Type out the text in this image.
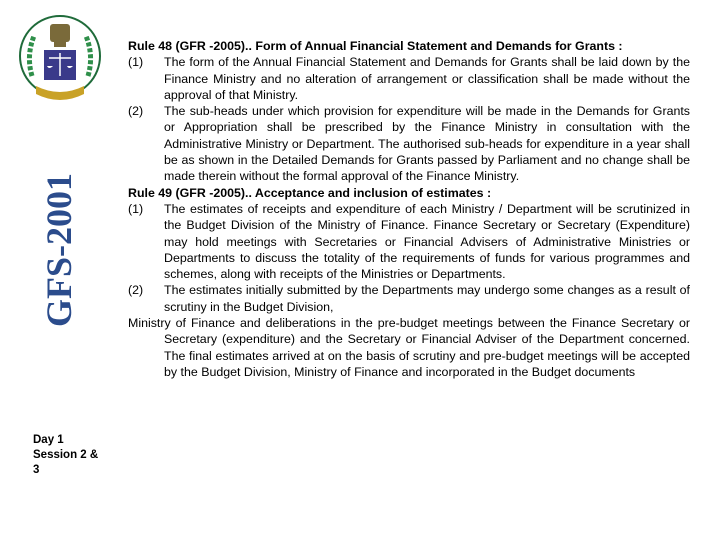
GFS-2001
Day 1
Session 2 &
3
Rule 48 (GFR -2005).. Form of Annual Financial Statement and Demands for Grants :
(1)	The form of the Annual Financial Statement and Demands for Grants shall be laid down by the Finance Ministry and no alteration of arrangement or classification shall be made without the approval of that Ministry.
(2)	The sub-heads under which provision for expenditure will be made in the Demands for Grants or Appropriation shall be prescribed by the Finance Ministry in consultation with the Administrative Ministry or Department. The authorised sub-heads for expenditure in a year shall be as shown in the Detailed Demands for Grants passed by Parliament and no change shall be made therein without the formal approval of the Finance Ministry.
Rule 49 (GFR -2005).. Acceptance and inclusion of estimates :
(1)	The estimates of receipts and expenditure of each Ministry / Department will be scrutinized in the Budget Division of the Ministry of Finance. Finance Secretary or Secretary (Expenditure) may hold meetings with Secretaries or Financial Advisers of Administrative Ministries or Departments to discuss the totality of the requirements of funds for various programmes and schemes, along with receipts of the Ministries or Departments.
(2)	The estimates initially submitted by the Departments may undergo some changes as a result of scrutiny in the Budget Division,
Ministry of Finance and deliberations in the pre-budget meetings between the Finance Secretary or Secretary (expenditure) and the Secretary or Financial Adviser of the Department concerned. The final estimates arrived at on the basis of scrutiny and pre-budget meetings will be accepted by the Budget Division, Ministry of Finance and incorporated in the Budget documents
